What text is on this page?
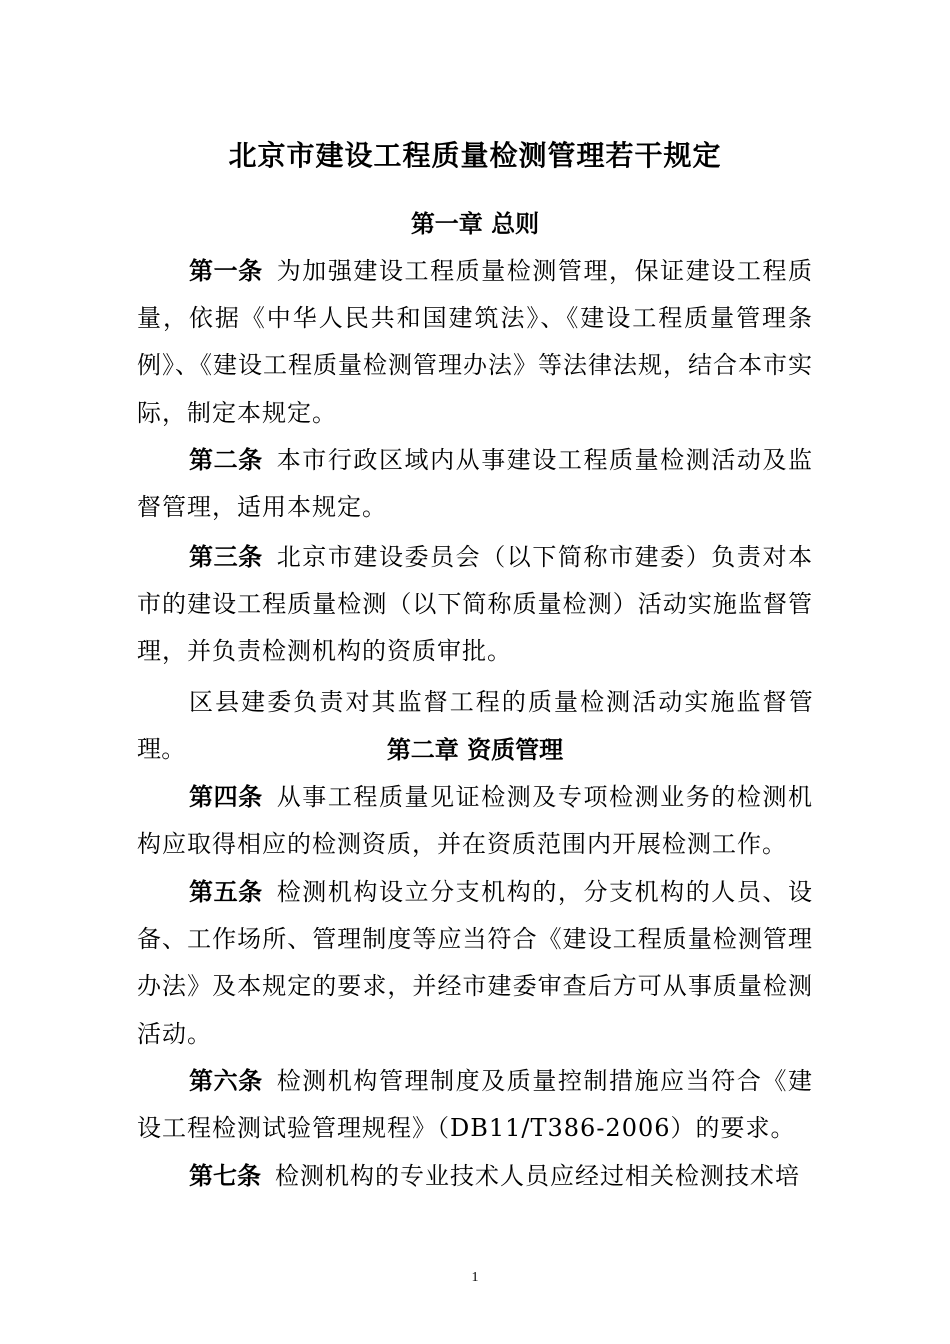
北京市建设工程质量检测管理若干规定
第一章 总则
第一条 为加强建设工程质量检测管理，保证建设工程质量，依据《中华人民共和国建筑法》、《建设工程质量管理条例》、《建设工程质量检测管理办法》等法律法规，结合本市实际，制定本规定。
第二条 本市行政区域内从事建设工程质量检测活动及监督管理，适用本规定。
第三条 北京市建设委员会（以下简称市建委）负责对本市的建设工程质量检测（以下简称质量检测）活动实施监督管理，并负责检测机构的资质审批。
区县建委负责对其监督工程的质量检测活动实施监督管理。	第二章 资质管理
第四条 从事工程质量见证检测及专项检测业务的检测机构应取得相应的检测资质，并在资质范围内开展检测工作。
第五条 检测机构设立分支机构的，分支机构的人员、设备、工作场所、管理制度等应当符合《建设工程质量检测管理办法》及本规定的要求，并经市建委审查后方可从事质量检测活动。
第六条 检测机构管理制度及质量控制措施应当符合《建设工程检测试验管理规程》（DB11/T386-2006）的要求。
第七条 检测机构的专业技术人员应经过相关检测技术培
1
